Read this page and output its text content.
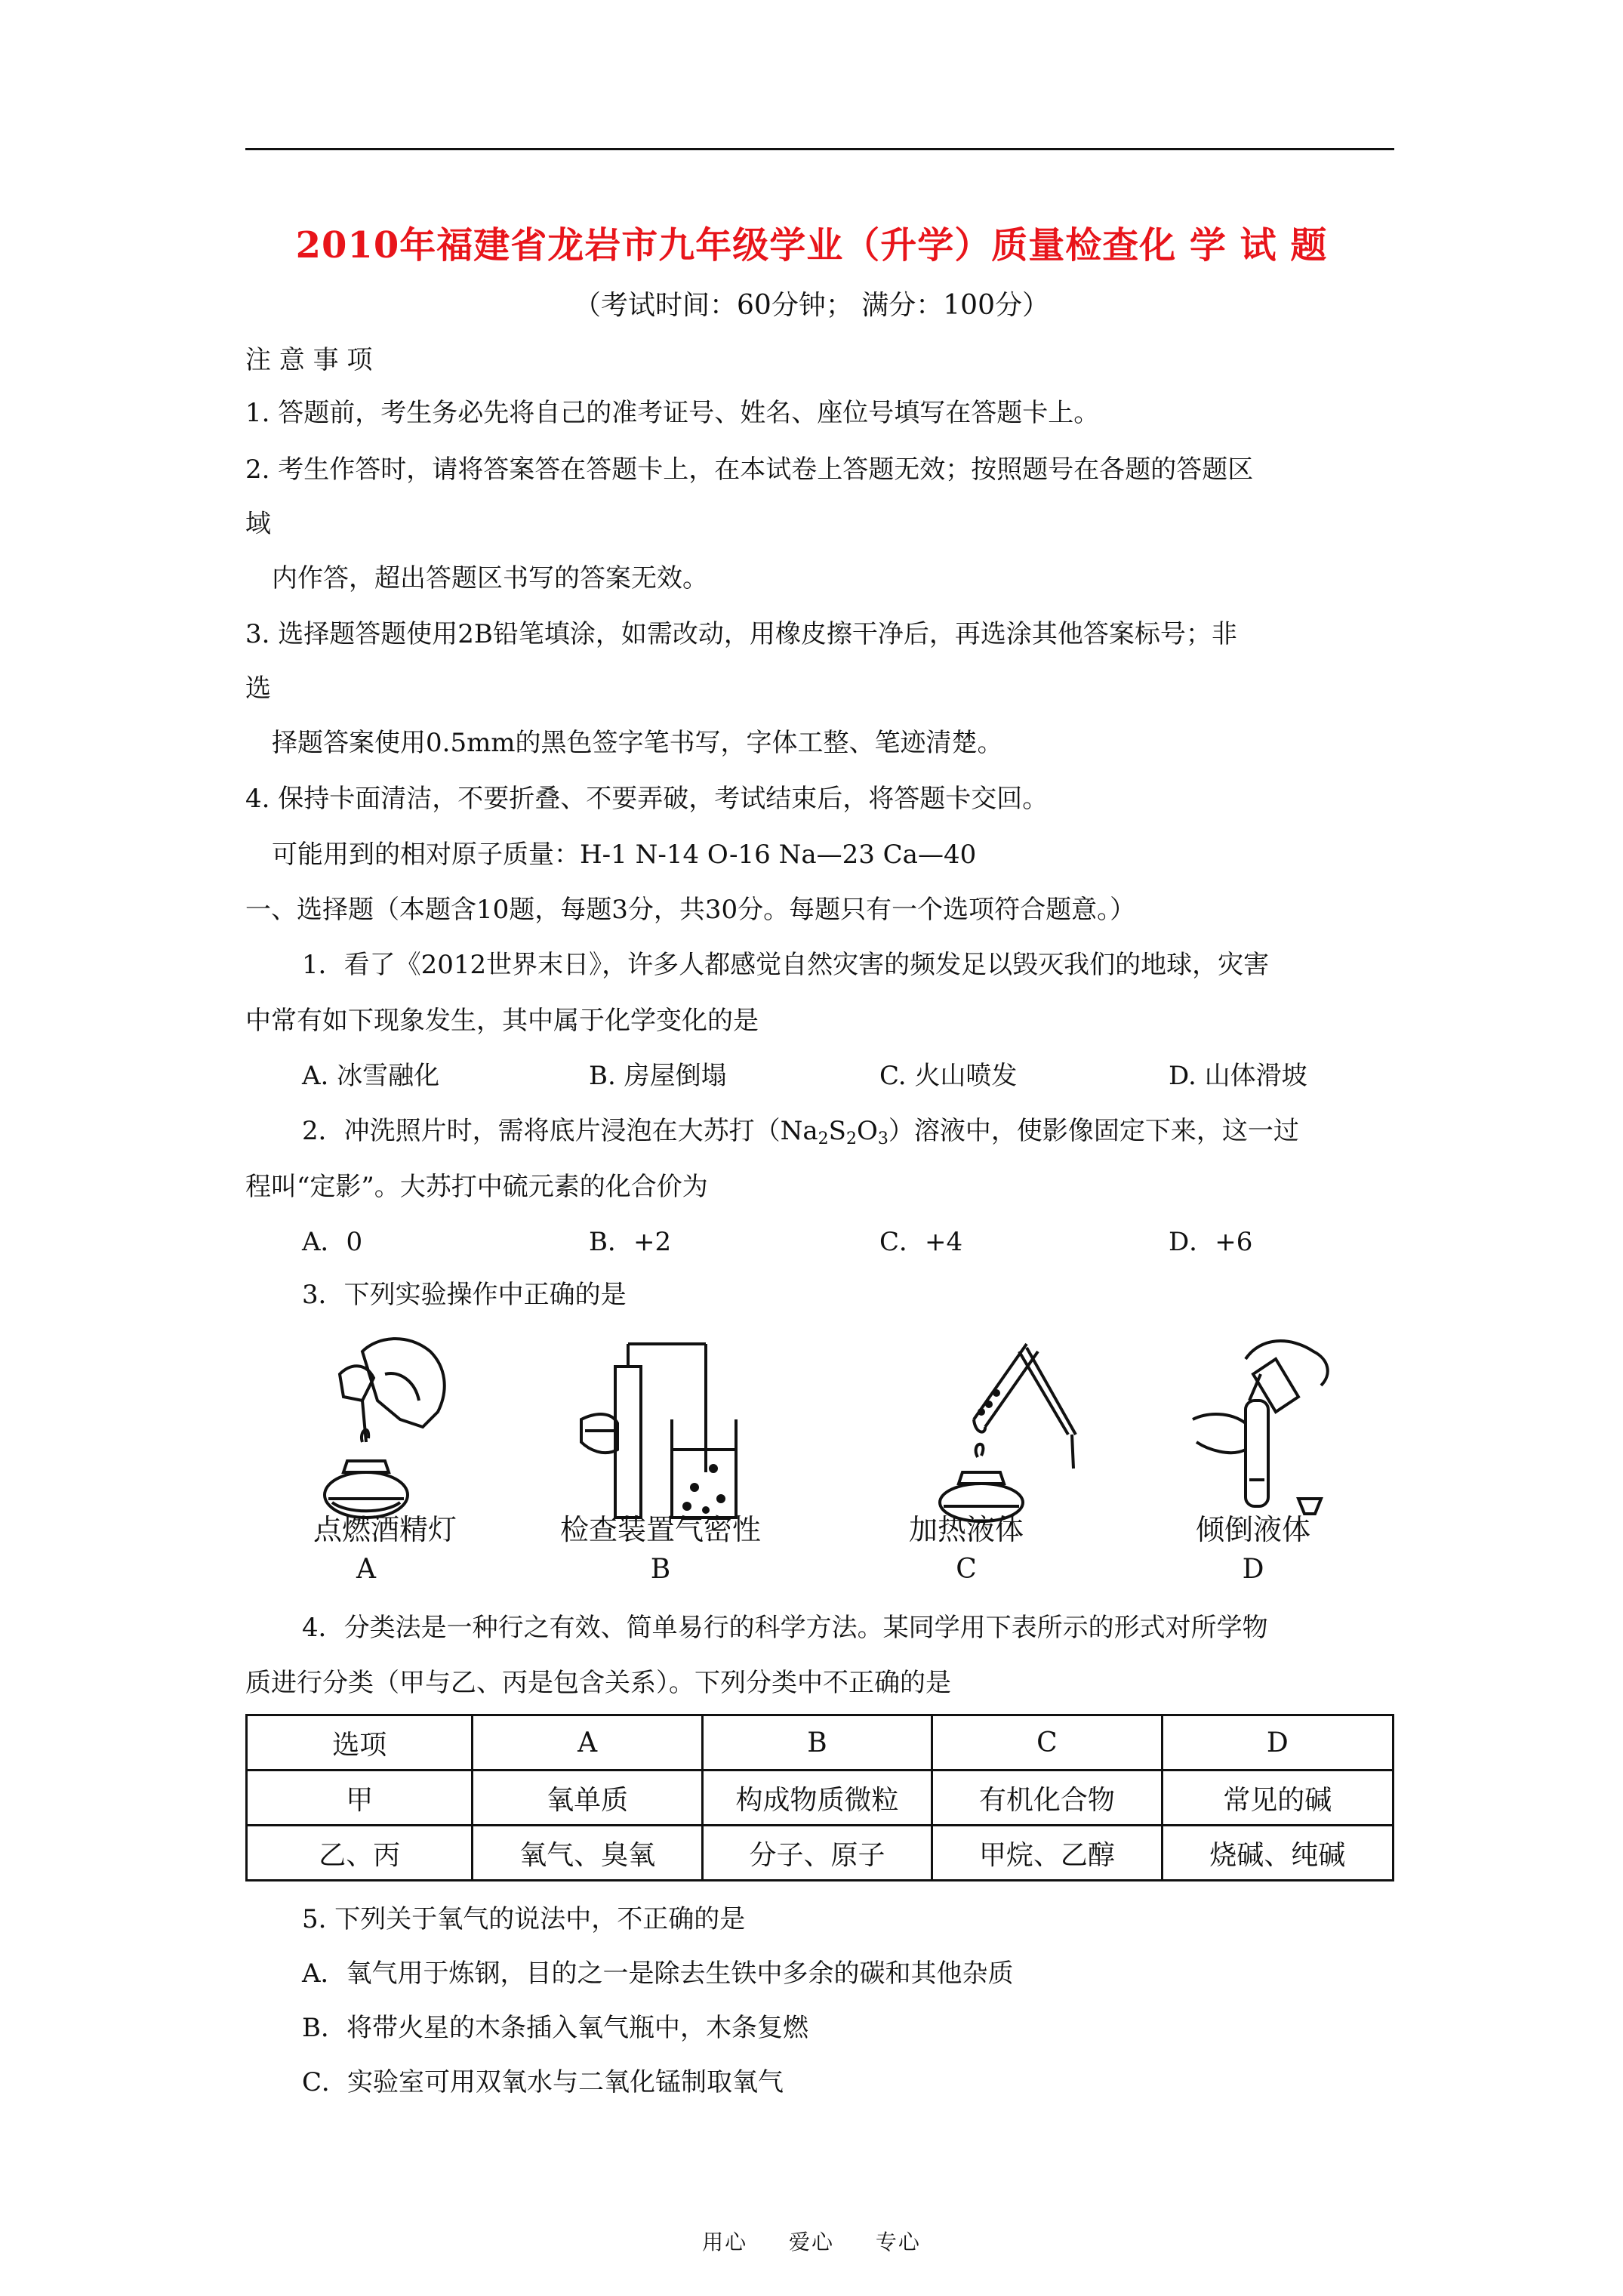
2010年福建省龙岩市九年级学业（升学）质量检查化 学 试 题
（考试时间：60分钟； 满分：100分）
注 意 事 项
1. 答题前，考生务必先将自己的准考证号、姓名、座位号填写在答题卡上。
2. 考生作答时，请将答案答在答题卡上，在本试卷上答题无效；按照题号在各题的答题区
域
内作答，超出答题区书写的答案无效。
3. 选择题答题使用2B铅笔填涂，如需改动，用橡皮擦干净后，再选涂其他答案标号；非
选
择题答案使用0.5mm的黑色签字笔书写，字体工整、笔迹清楚。
4. 保持卡面清洁，不要折叠、不要弄破，考试结束后，将答题卡交回。
可能用到的相对原子质量：H-1 N-14 O-16 Na—23 Ca—40
一、选择题（本题含10题，每题3分，共30分。每题只有一个选项符合题意。）
1．看了《2012世界末日》，许多人都感觉自然灾害的频发足以毁灭我们的地球，灾害
中常有如下现象发生，其中属于化学变化的是
A. 冰雪融化	B. 房屋倒塌	C. 火山喷发	D. 山体滑坡
2．冲洗照片时，需将底片浸泡在大苏打$(Na_2S_2O_3)$溶液中，使影像固定下来，这一过
程叫“定影”。大苏打中硫元素的化合价为
A．0	B．+2	C．+4	D．+6
3．下列实验操作中正确的是
点燃酒精灯	检查装置气密性	加热液体	倾倒液体
A	B	C	D
4．分类法是一种行之有效、简单易行的科学方法。某同学用下表所示的形式对所学物
质进行分类（甲与乙、丙是包含关系）。下列分类中不正确的是
选项	A	B	C	D
甲	氧单质	构成物质微粒	有机化合物	常见的碱
乙、丙	氧气、臭氧	分子、原子	甲烷、乙醇	烧碱、纯碱
5. 下列关于氧气的说法中，不正确的是
A．氧气用于炼钢，目的之一是除去生铁中多余的碳和其他杂质
B．将带火星的木条插入氧气瓶中，木条复燃
C．实验室可用双氧水与二氧化锰制取氧气
用心 爱心 专心
